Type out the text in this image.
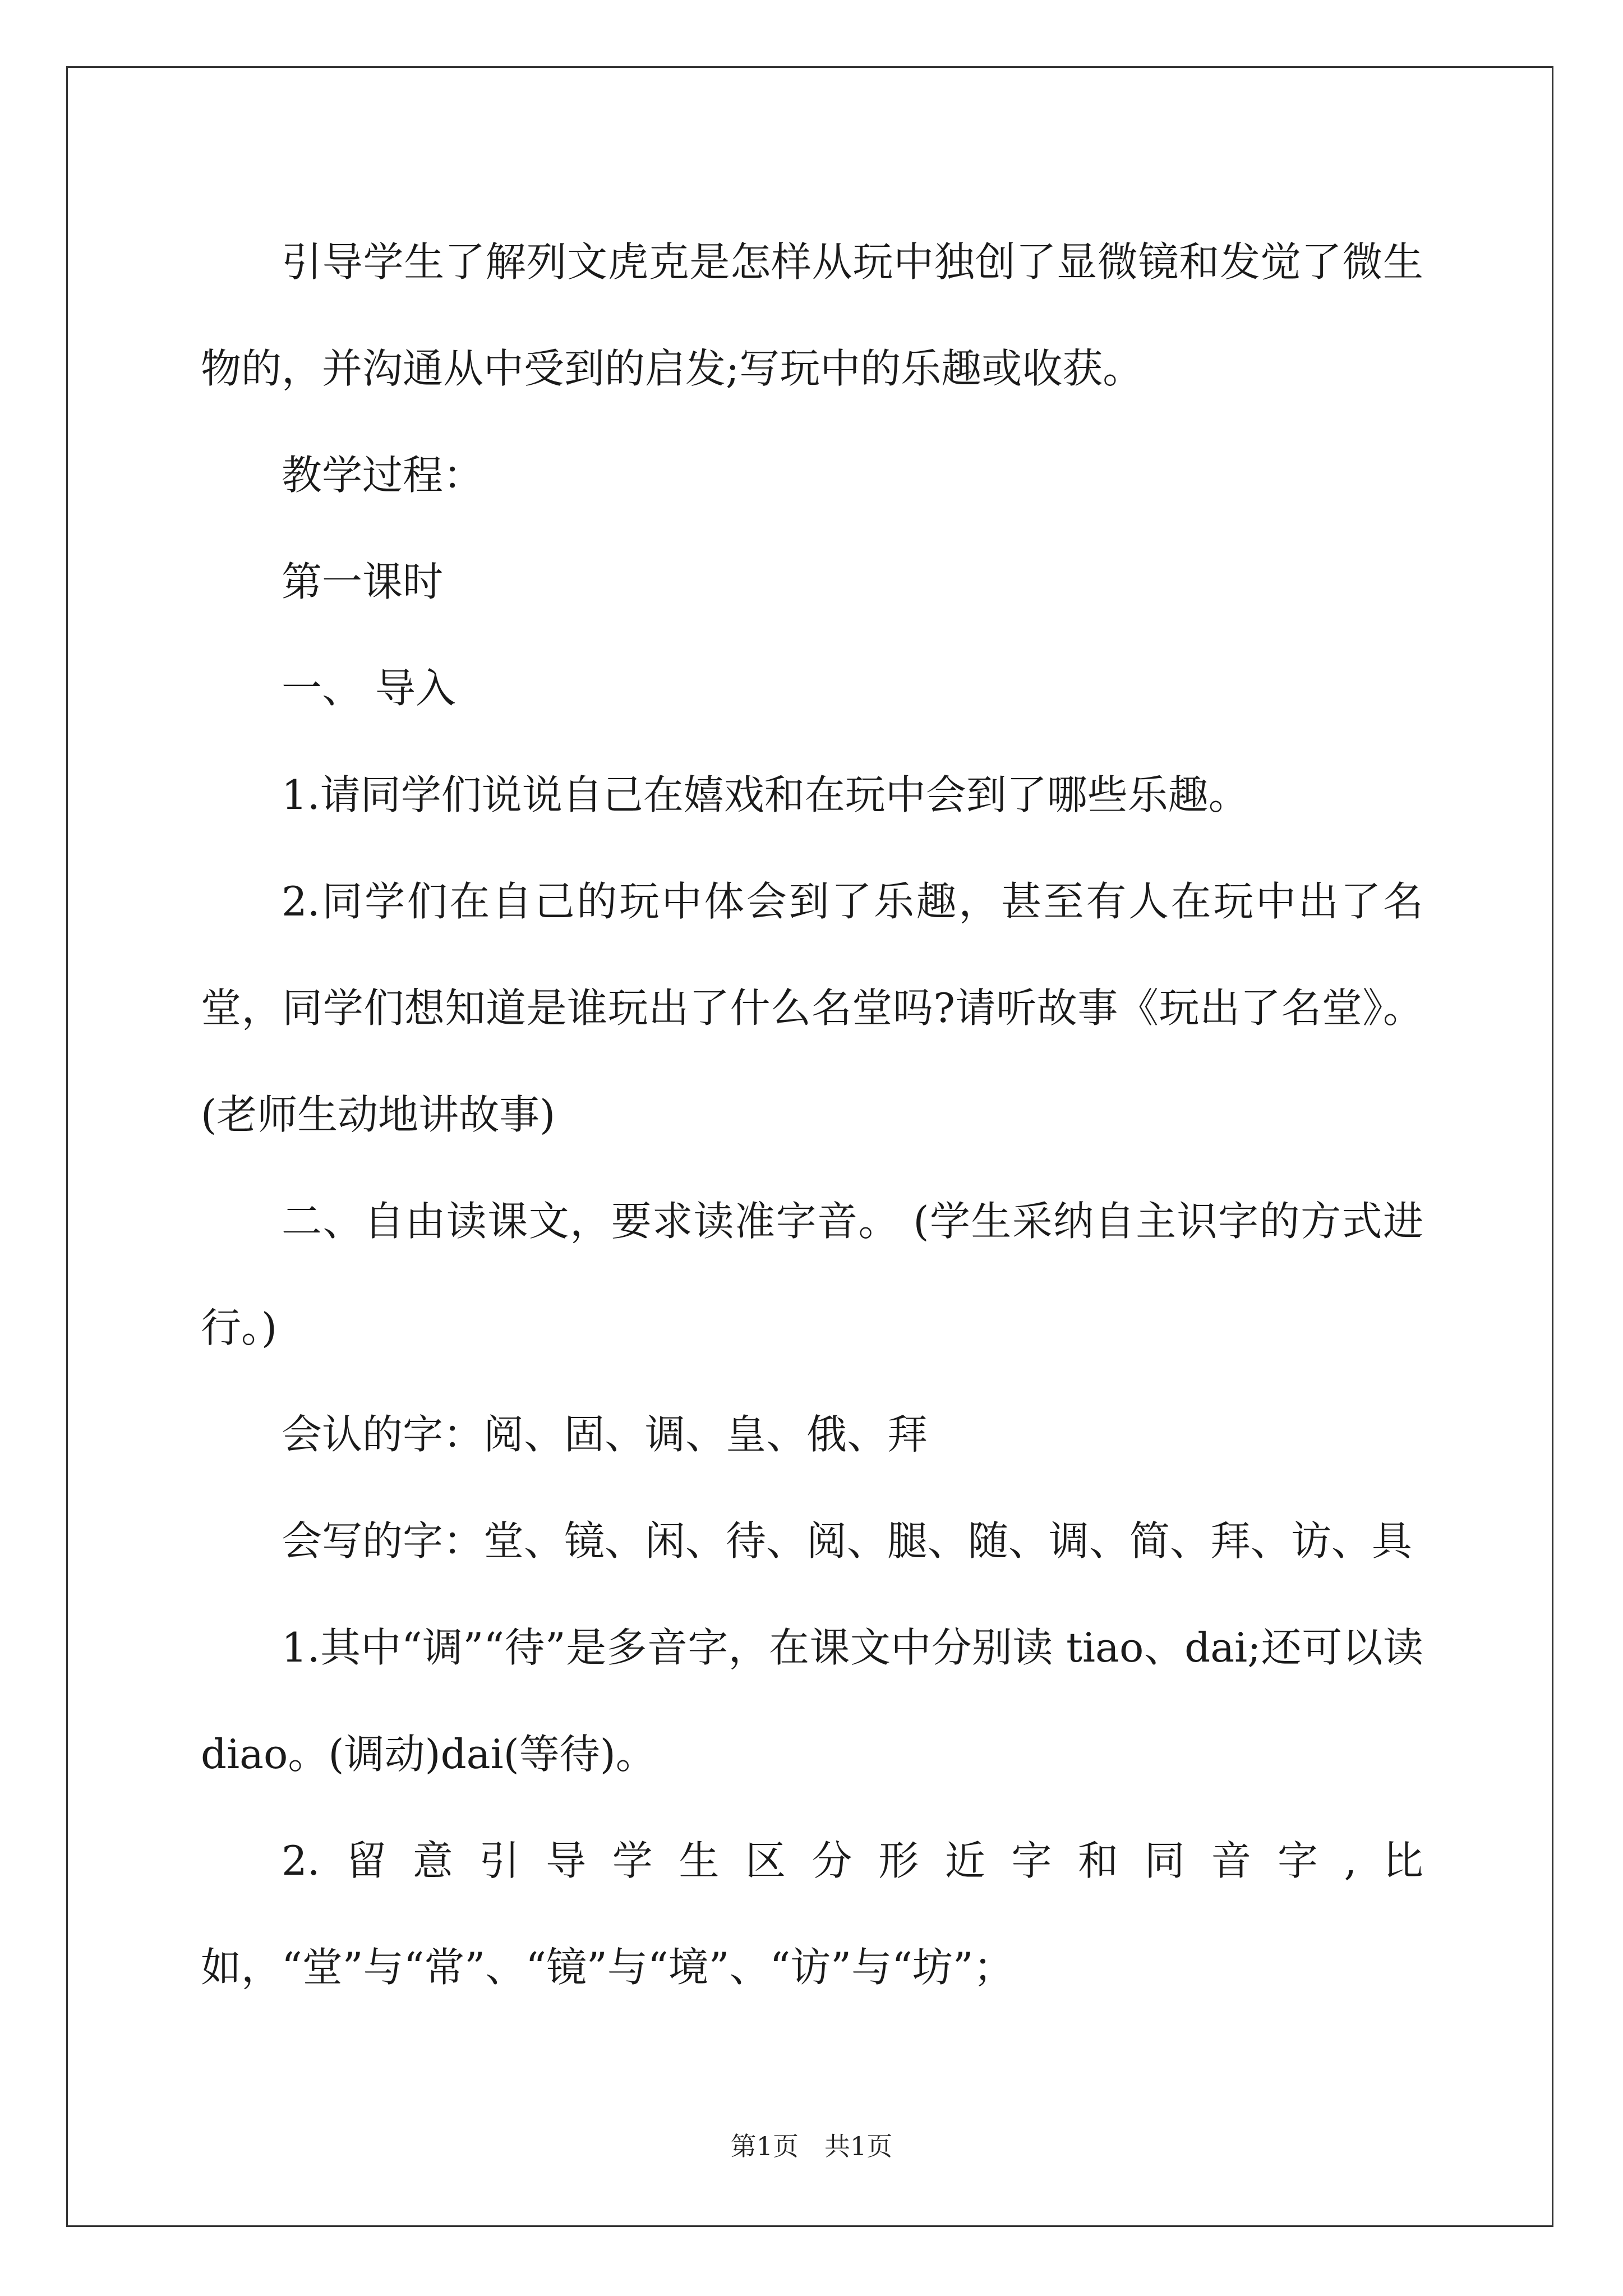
引导学生了解列文虎克是怎样从玩中独创了显微镜和发觉了微生物的，并沟通从中受到的启发;写玩中的乐趣或收获。

教学过程：

第一课时

一、 导入

1.请同学们说说自己在嬉戏和在玩中会到了哪些乐趣。

2.同学们在自己的玩中体会到了乐趣，甚至有人在玩中出了名堂，同学们想知道是谁玩出了什么名堂吗?请听故事《玩出了名堂》。(老师生动地讲故事)

二、自由读课文，要求读准字音。 (学生采纳自主识字的方式进行。)

会认的字：阅、固、调、皇、俄、拜

会写的字：堂、镜、闲、待、阅、腿、随、调、简、拜、访、具

1.其中“调”“待”是多音字，在课文中分别读 tiao、dai;还可以读 diao。(调动)dai(等待)。

2.留意引导学生区分形近字和同音字,比如，“堂”与“常”、“镜”与“境”、“访”与“坊”；

第1页　共1页
